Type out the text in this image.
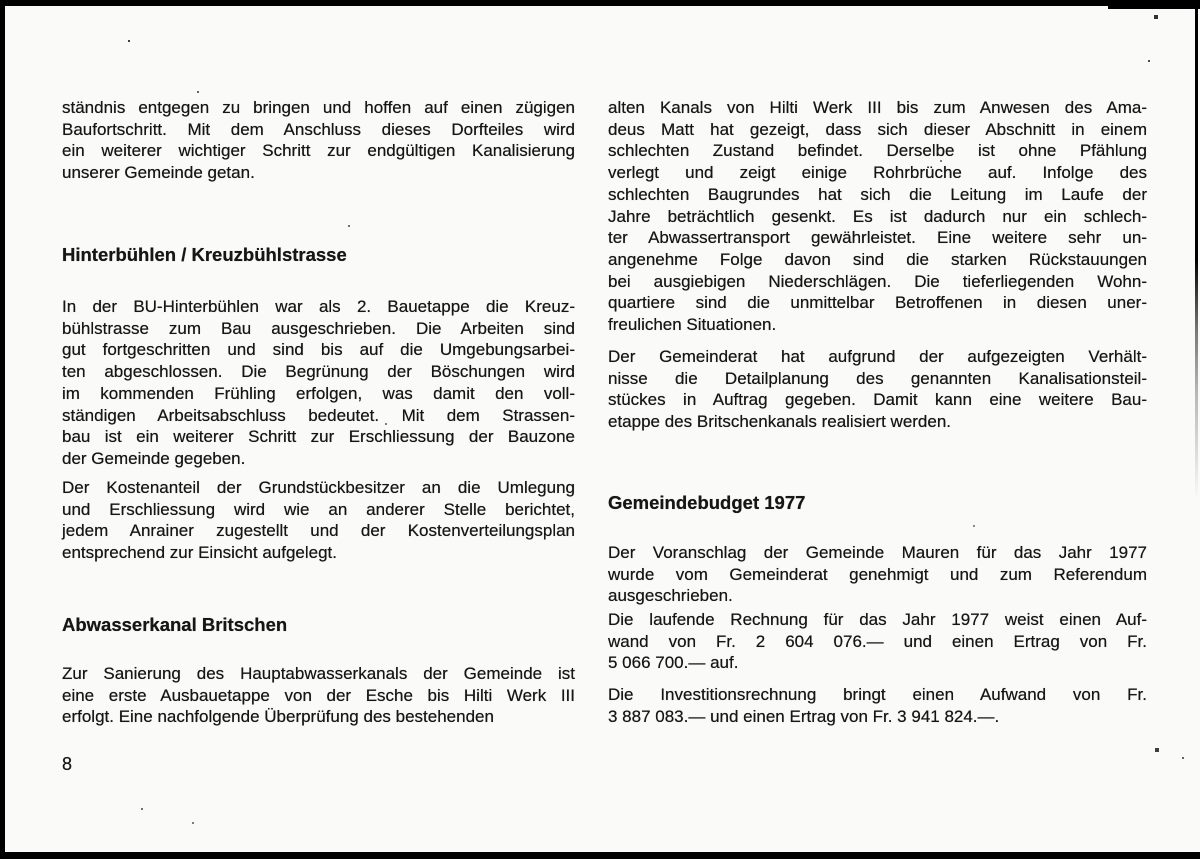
ständnis entgegen zu bringen und hoffen auf einen zügigen
Baufortschritt. Mit dem Anschluss dieses Dorfteiles wird
ein weiterer wichtiger Schritt zur endgültigen Kanalisierung
unserer Gemeinde getan.
Hinterbühlen / Kreuzbühlstrasse
In der BU-Hinterbühlen war als 2. Bauetappe die Kreuz-
bühlstrasse zum Bau ausgeschrieben. Die Arbeiten sind
gut fortgeschritten und sind bis auf die Umgebungsarbei-
ten abgeschlossen. Die Begrünung der Böschungen wird
im kommenden Frühling erfolgen, was damit den voll-
ständigen Arbeitsabschluss bedeutet. Mit dem Strassen-
bau ist ein weiterer Schritt zur Erschliessung der Bauzone
der Gemeinde gegeben.
Der Kostenanteil der Grundstückbesitzer an die Umlegung
und Erschliessung wird wie an anderer Stelle berichtet,
jedem Anrainer zugestellt und der Kostenverteilungsplan
entsprechend zur Einsicht aufgelegt.
Abwasserkanal Britschen
Zur Sanierung des Hauptabwasserkanals der Gemeinde ist
eine erste Ausbauetappe von der Esche bis Hilti Werk III
erfolgt. Eine nachfolgende Überprüfung des bestehenden
alten Kanals von Hilti Werk III bis zum Anwesen des Ama-
deus Matt hat gezeigt, dass sich dieser Abschnitt in einem
schlechten Zustand befindet. Derselbe ist ohne Pfählung
verlegt und zeigt einige Rohrbrüche auf. Infolge des
schlechten Baugrundes hat sich die Leitung im Laufe der
Jahre beträchtlich gesenkt. Es ist dadurch nur ein schlech-
ter Abwassertransport gewährleistet. Eine weitere sehr un-
angenehme Folge davon sind die starken Rückstauungen
bei ausgiebigen Niederschlägen. Die tieferliegenden Wohn-
quartiere sind die unmittelbar Betroffenen in diesen uner-
freulichen Situationen.
Der Gemeinderat hat aufgrund der aufgezeigten Verhält-
nisse die Detailplanung des genannten Kanalisationsteil-
stückes in Auftrag gegeben. Damit kann eine weitere Bau-
etappe des Britschenkanals realisiert werden.
Gemeindebudget 1977
Der Voranschlag der Gemeinde Mauren für das Jahr 1977
wurde vom Gemeinderat genehmigt und zum Referendum
ausgeschrieben.
Die laufende Rechnung für das Jahr 1977 weist einen Auf-
wand von Fr. 2 604 076.— und einen Ertrag von Fr.
5 066 700.— auf.
Die Investitionsrechnung bringt einen Aufwand von Fr.
3 887 083.— und einen Ertrag von Fr. 3 941 824.—.
8
